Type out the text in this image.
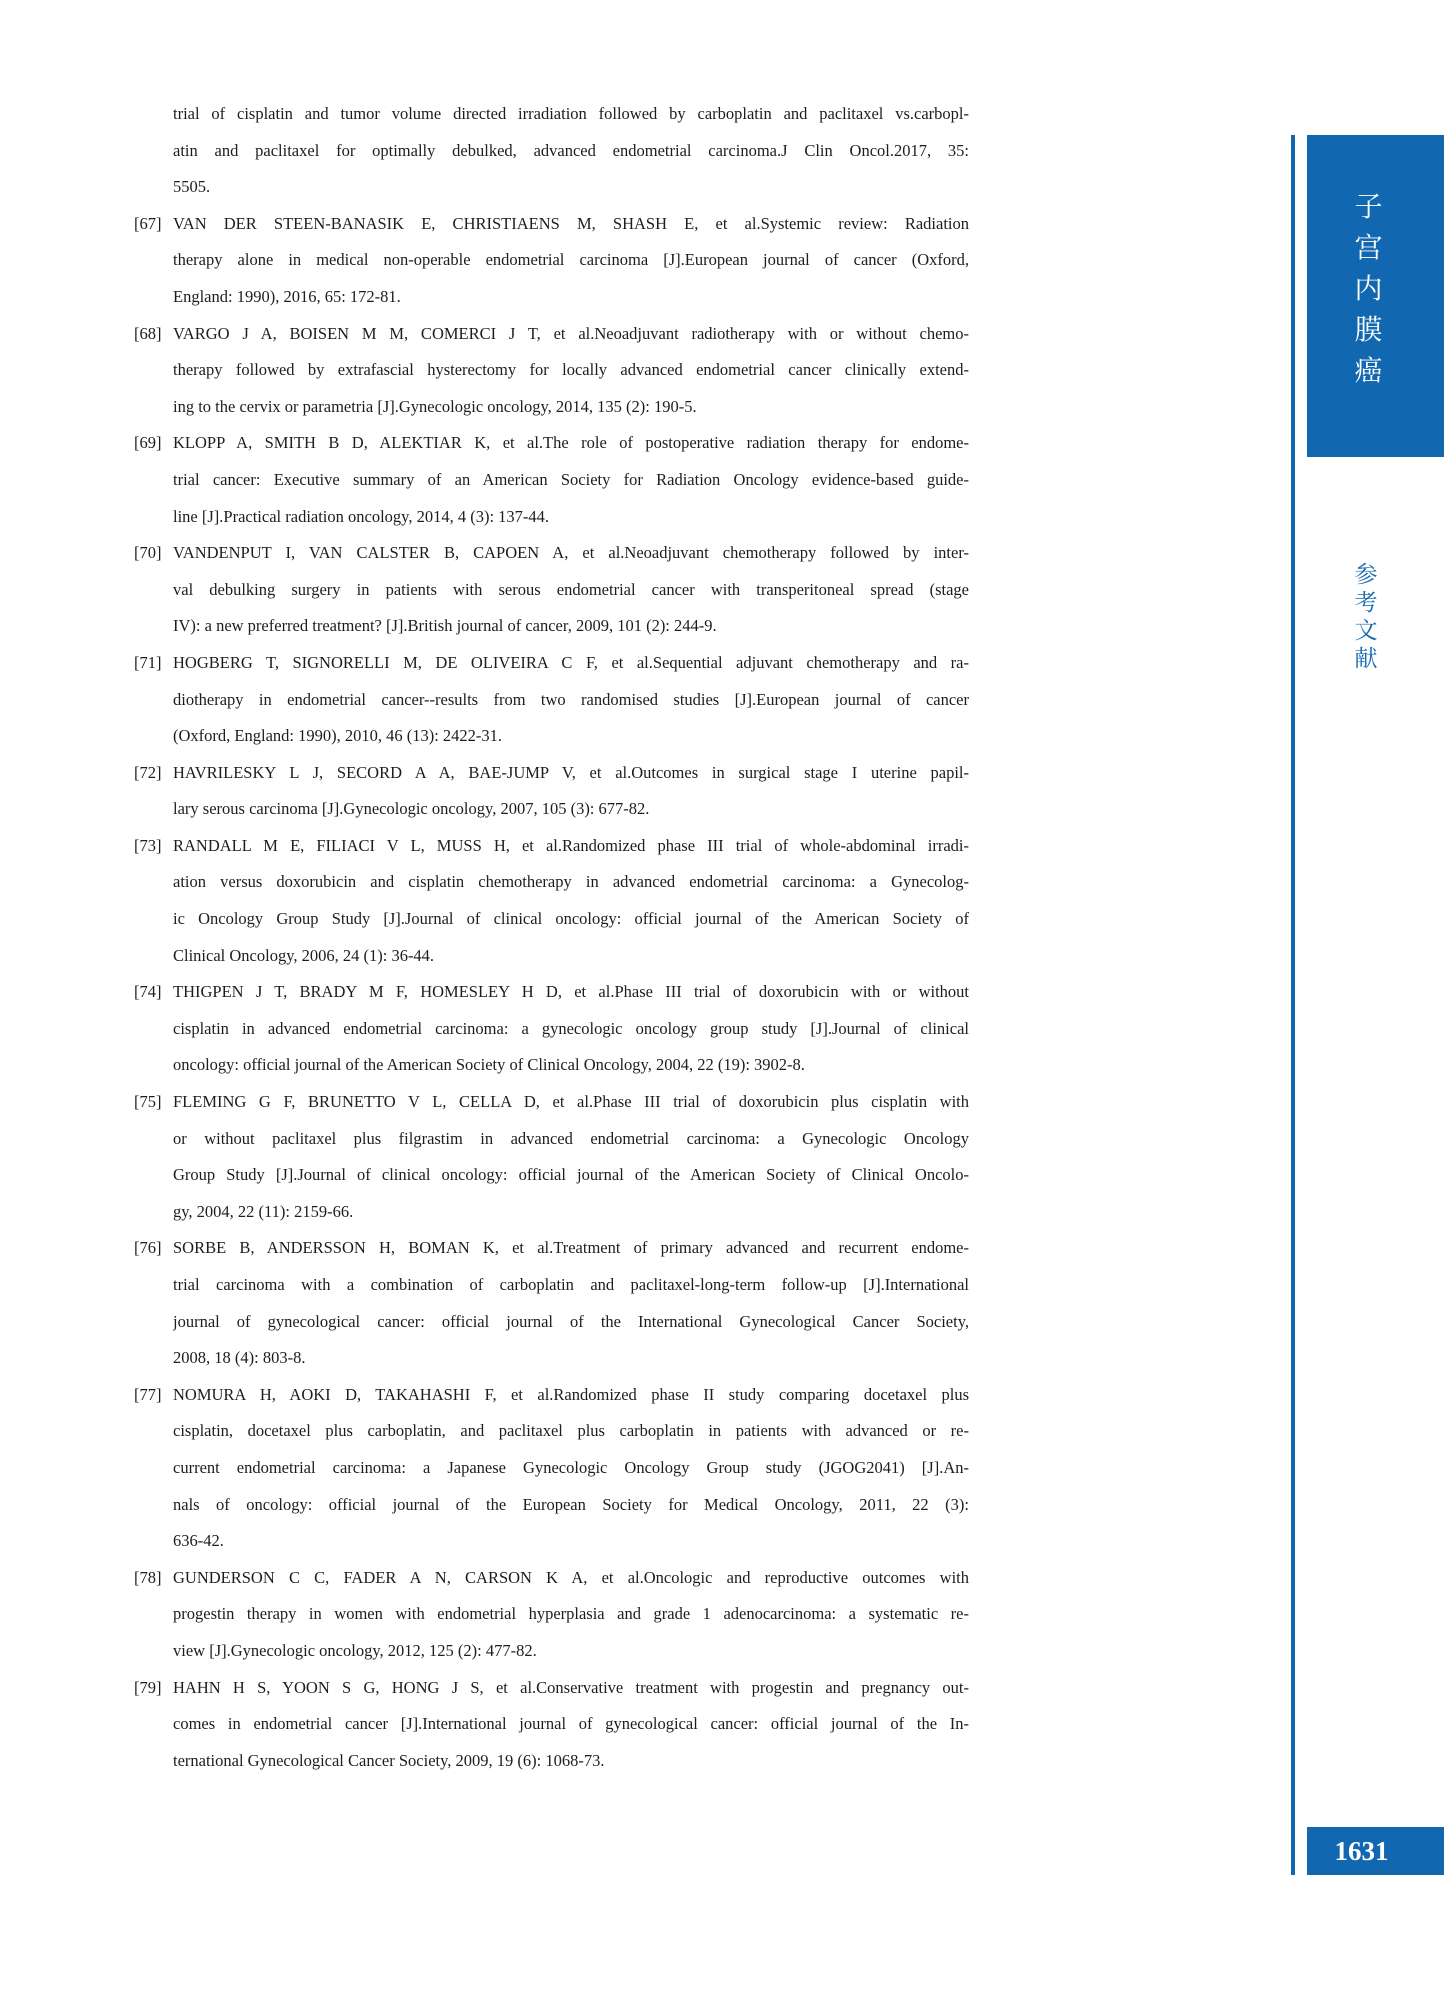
trial of cisplatin and tumor volume directed irradiation followed by carboplatin and paclitaxel vs.carbopl-
atin and paclitaxel for optimally debulked, advanced endometrial carcinoma.J Clin Oncol.2017, 35:
5505.
[67] VAN DER STEEN-BANASIK E, CHRISTIAENS M, SHASH E, et al.Systemic review: Radiation
therapy alone in medical non-operable endometrial carcinoma [J].European journal of cancer (Oxford,
England: 1990), 2016, 65: 172-81.
[68] VARGO J A, BOISEN M M, COMERCI J T, et al.Neoadjuvant radiotherapy with or without chemo-
therapy followed by extrafascial hysterectomy for locally advanced endometrial cancer clinically extend-
ing to the cervix or parametria [J].Gynecologic oncology, 2014, 135 (2): 190-5.
[69] KLOPP A, SMITH B D, ALEKTIAR K, et al.The role of postoperative radiation therapy for endome-
trial cancer: Executive summary of an American Society for Radiation Oncology evidence-based guide-
line [J].Practical radiation oncology, 2014, 4 (3): 137-44.
[70] VANDENPUT I, VAN CALSTER B, CAPOEN A, et al.Neoadjuvant chemotherapy followed by inter-
val debulking surgery in patients with serous endometrial cancer with transperitoneal spread (stage
IV): a new preferred treatment? [J].British journal of cancer, 2009, 101 (2): 244-9.
[71] HOGBERG T, SIGNORELLI M, DE OLIVEIRA C F, et al.Sequential adjuvant chemotherapy and ra-
diotherapy in endometrial cancer--results from two randomised studies [J].European journal of cancer
(Oxford, England: 1990), 2010, 46 (13): 2422-31.
[72] HAVRILESKY L J, SECORD A A, BAE-JUMP V, et al.Outcomes in surgical stage I uterine papil-
lary serous carcinoma [J].Gynecologic oncology, 2007, 105 (3): 677-82.
[73] RANDALL M E, FILIACI V L, MUSS H, et al.Randomized phase III trial of whole-abdominal irradi-
ation versus doxorubicin and cisplatin chemotherapy in advanced endometrial carcinoma: a Gynecolog-
ic Oncology Group Study [J].Journal of clinical oncology: official journal of the American Society of
Clinical Oncology, 2006, 24 (1): 36-44.
[74] THIGPEN J T, BRADY M F, HOMESLEY H D, et al.Phase III trial of doxorubicin with or without
cisplatin in advanced endometrial carcinoma: a gynecologic oncology group study [J].Journal of clinical
oncology: official journal of the American Society of Clinical Oncology, 2004, 22 (19): 3902-8.
[75] FLEMING G F, BRUNETTO V L, CELLA D, et al.Phase III trial of doxorubicin plus cisplatin with
or without paclitaxel plus filgrastim in advanced endometrial carcinoma: a Gynecologic Oncology
Group Study [J].Journal of clinical oncology: official journal of the American Society of Clinical Oncolo-
gy, 2004, 22 (11): 2159-66.
[76] SORBE B, ANDERSSON H, BOMAN K, et al.Treatment of primary advanced and recurrent endome-
trial carcinoma with a combination of carboplatin and paclitaxel-long-term follow-up [J].International
journal of gynecological cancer: official journal of the International Gynecological Cancer Society,
2008, 18 (4): 803-8.
[77] NOMURA H, AOKI D, TAKAHASHI F, et al.Randomized phase II study comparing docetaxel plus
cisplatin, docetaxel plus carboplatin, and paclitaxel plus carboplatin in patients with advanced or re-
current endometrial carcinoma: a Japanese Gynecologic Oncology Group study (JGOG2041) [J].An-
nals of oncology: official journal of the European Society for Medical Oncology, 2011, 22 (3):
636-42.
[78] GUNDERSON C C, FADER A N, CARSON K A, et al.Oncologic and reproductive outcomes with
progestin therapy in women with endometrial hyperplasia and grade 1 adenocarcinoma: a systematic re-
view [J].Gynecologic oncology, 2012, 125 (2): 477-82.
[79] HAHN H S, YOON S G, HONG J S, et al.Conservative treatment with progestin and pregnancy out-
comes in endometrial cancer [J].International journal of gynecological cancer: official journal of the In-
ternational Gynecological Cancer Society, 2009, 19 (6): 1068-73.
子
宫
内
膜
癌
参
考
文
献
1631
